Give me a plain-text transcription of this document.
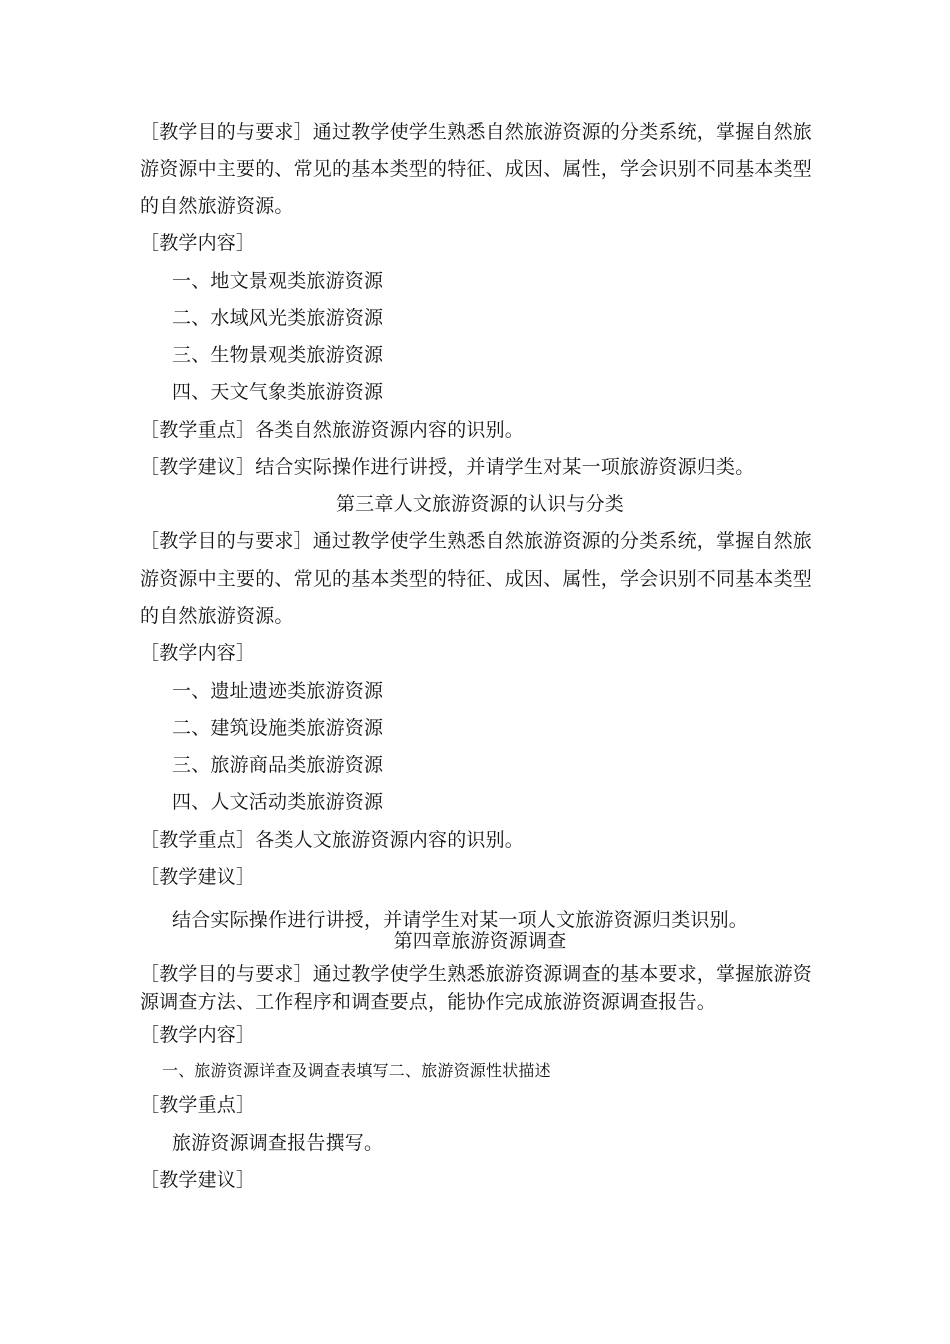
［教学目的与要求］通过教学使学生熟悉自然旅游资源的分类系统，掌握自然旅
游资源中主要的、常见的基本类型的特征、成因、属性，学会识别不同基本类型
的自然旅游资源。
［教学内容］
一、地文景观类旅游资源
二、水域风光类旅游资源
三、生物景观类旅游资源
四、天文气象类旅游资源
［教学重点］各类自然旅游资源内容的识别。
［教学建议］结合实际操作进行讲授，并请学生对某一项旅游资源归类。
第三章人文旅游资源的认识与分类
［教学目的与要求］通过教学使学生熟悉自然旅游资源的分类系统，掌握自然旅
游资源中主要的、常见的基本类型的特征、成因、属性，学会识别不同基本类型
的自然旅游资源。
［教学内容］
一、遗址遗迹类旅游资源
二、建筑设施类旅游资源
三、旅游商品类旅游资源
四、人文活动类旅游资源
［教学重点］各类人文旅游资源内容的识别。
［教学建议］
结合实际操作进行讲授，并请学生对某一项人文旅游资源归类识别。
第四章旅游资源调查
［教学目的与要求］通过教学使学生熟悉旅游资源调查的基本要求，掌握旅游资
源调查方法、工作程序和调查要点，能协作完成旅游资源调查报告。
［教学内容］
一、旅游资源详查及调查表填写⼆、旅游资源性状描述
［教学重点］
旅游资源调查报告撰写。
［教学建议］
